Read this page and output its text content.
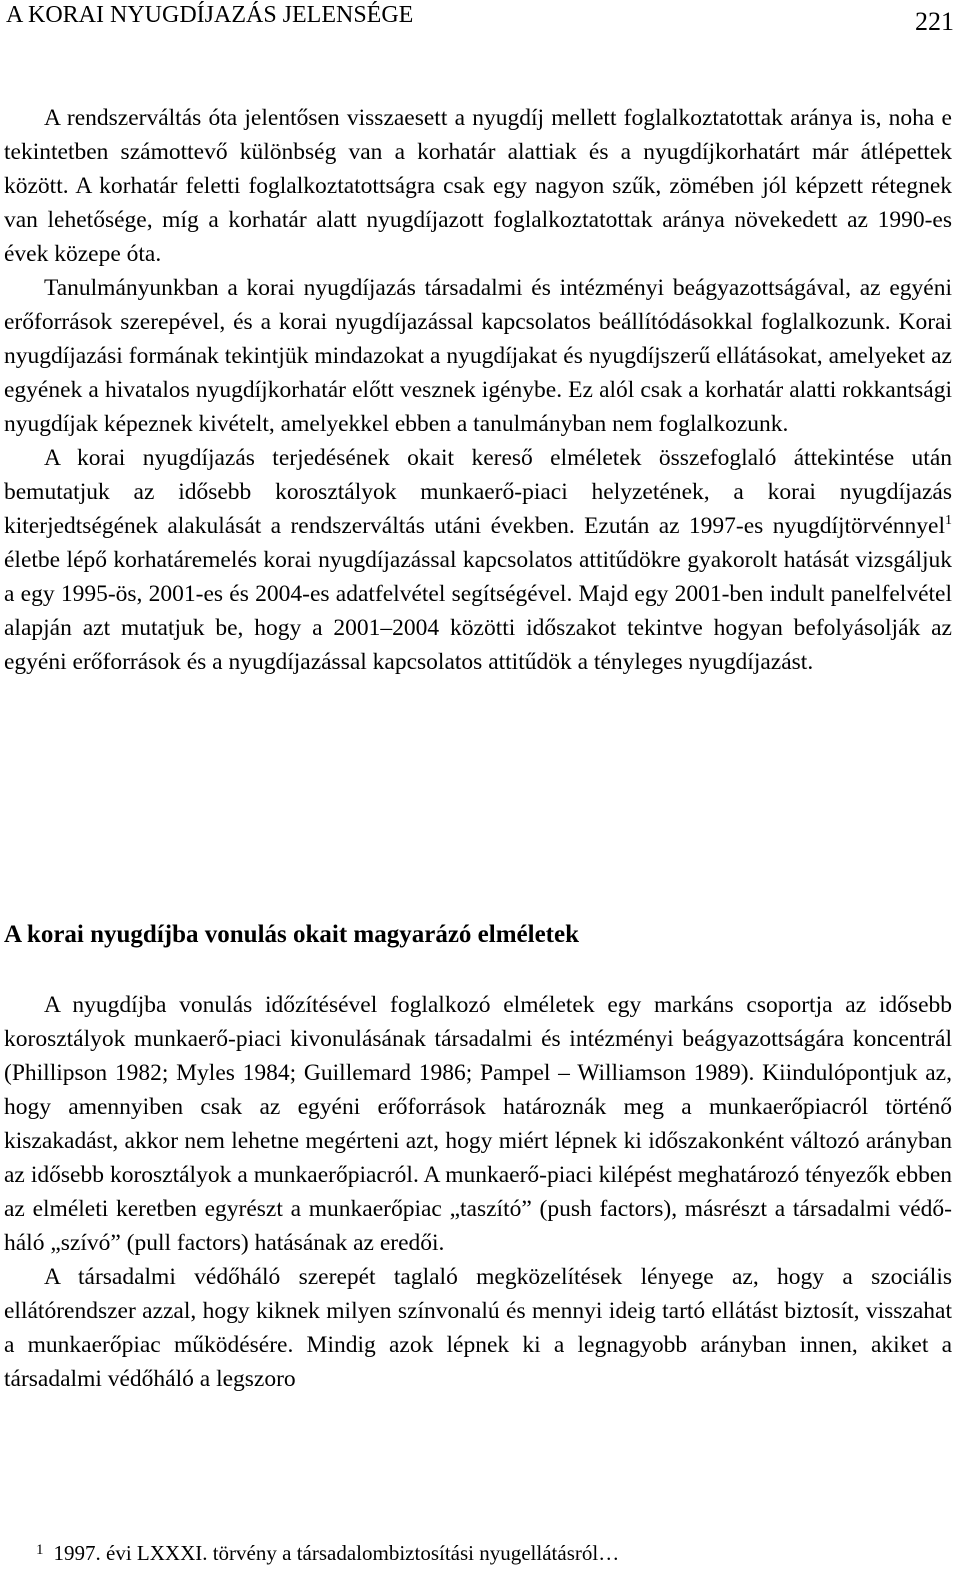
A KORAI NYUGDÍJAZÁS JELENSÉGE	221

A rendszerváltás óta jelentősen visszaesett a nyugdíj mellett foglalkoztatottak aránya is, noha e tekintetben számottevő különbség van a korhatár alattiak és a nyugdíjkorhatárt már átlépettek között. A korhatár feletti foglalkoztatottságra csak egy nagyon szűk, zömében jól képzett rétegnek van lehetősége, míg a korhatár alatt nyugdíjazott foglalkoztatottak aránya növekedett az 1990-es évek közepe óta.

Tanulmányunkban a korai nyugdíjazás társadalmi és intézményi beágyazottságával, az egyéni erőforrások szerepével, és a korai nyugdíjazással kapcsolatos beállítódásokkal foglalkozunk. Korai nyugdíjazási formának tekintjük mindazokat a nyugdíjakat és nyugdíjszerű ellátásokat, amelyeket az egyének a hivatalos nyugdíjkorhatár előtt vesznek igénybe. Ez alól csak a korhatár alatti rokkantsági nyugdíjak képeznek kivételt, amelyekkel ebben a tanulmányban nem foglalkozunk.

A korai nyugdíjazás terjedésének okait kereső elméletek összefoglaló áttekintése után bemutatjuk az idősebb korosztályok munkaerő-piaci helyzetének, a korai nyugdíjazás kiterjedtségének alakulását a rendszerváltás utáni években. Ezután az 1997-es nyugdíjtörvénnyel$^1$ életbe lépő korhatáremelés korai nyugdíjazással kapcsolatos attitűdökre gyakorolt hatását vizsgáljuk a egy 1995-ös, 2001-es és 2004-es adatfelvétel segítségével. Majd egy 2001-ben indult panelfelvétel alapján azt mutatjuk be, hogy a 2001–2004 közötti időszakot tekintve hogyan befolyásolják az egyéni erőforrások és a nyugdíjazással kapcsolatos attitűdök a tényleges nyugdíjazást.

A korai nyugdíjba vonulás okait magyarázó elméletek

A nyugdíjba vonulás időzítésével foglalkozó elméletek egy markáns csoportja az idősebb korosztályok munkaerő-piaci kivonulásának társadalmi és intézményi beágyazottságára koncentrál (Phillipson 1982; Myles 1984; Guillemard 1986; Pampel – Williamson 1989). Kiindulópontjuk az, hogy amennyiben csak az egyéni erőforrások határoznák meg a munkaerőpiacról történő kiszakadást, akkor nem lehetne megérteni azt, hogy miért lépnek ki időszakonként változó arányban az idősebb korosztályok a munkaerőpiacról. A munkaerő-piaci kilépést meghatározó tényezők ebben az elméleti keretben egyrészt a munkaerőpiac „taszító” (push factors), másrészt a társadalmi védőháló „szívó” (pull factors) hatásának az eredői.

A társadalmi védőháló szerepét taglaló megközelítések lényege az, hogy a szociális ellátórendszer azzal, hogy kiknek milyen színvonalú és mennyi ideig tartó ellátást biztosít, visszahat a munkaerőpiac működésére. Mindig azok lépnek ki a legnagyobb arányban innen, akiket a társadalmi védőháló a legszoro

$^1$ 1997. évi LXXXI. törvény a társadalombiztosítási nyugellátásról…
